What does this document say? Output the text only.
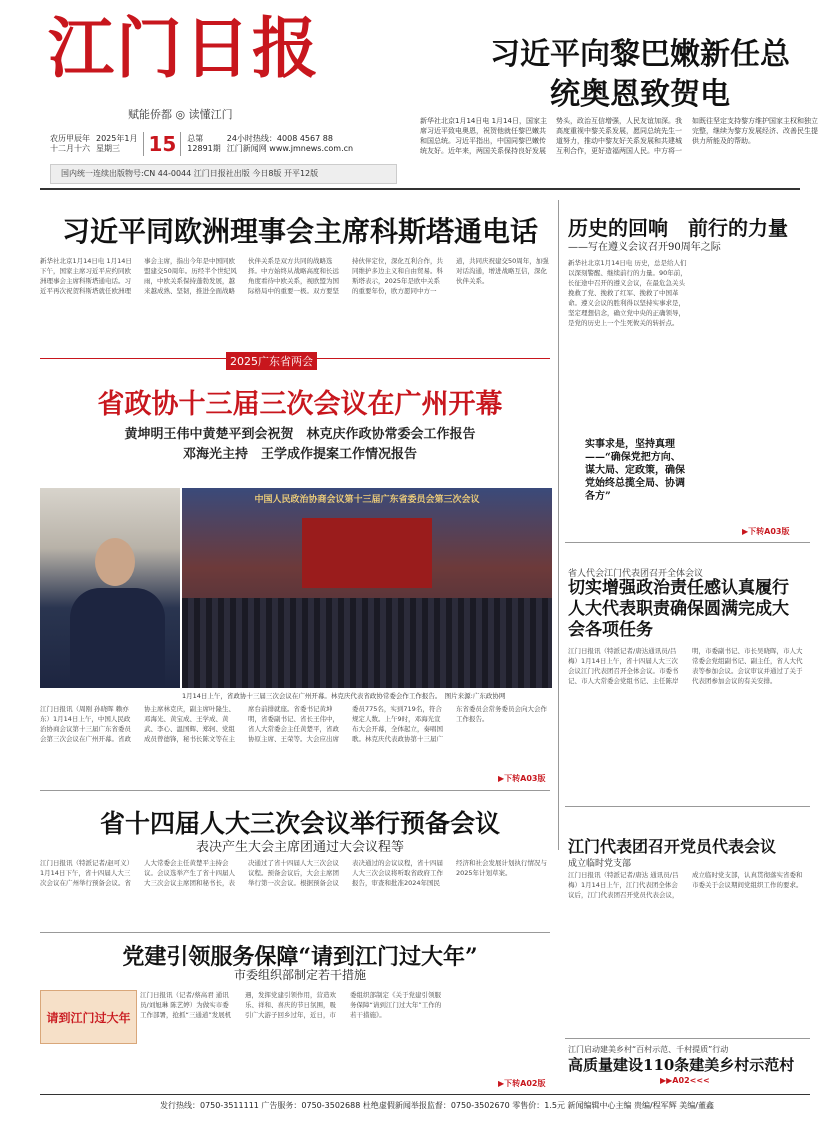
江门日报
赋能侨都 ◎ 读懂江门
习近平向黎巴嫩新任总统奥恩致贺电
新华社北京1月14日电 1月14日，国家主席习近平致电奥恩，祝贺他就任黎巴嫩共和国总统。习近平指出，中国同黎巴嫩传统友好。近年来，两国关系保持良好发展势头，政治互信增强，人民友谊加深。我高度重视中黎关系发展，愿同总统先生一道努力，推动中黎友好关系发展和共建城互利合作，更好造福两国人民。中方将一如既往坚定支持黎方维护国家主权和独立完整，继续为黎方发展经济、改善民生提供力所能及的帮助。
农历甲辰年
十二月十六
2025年1月
星期三	15	总第
12891期
24小时热线：4008 4567 88
江门新闻网 www.jmnews.com.cn
国内统一连续出版物号:CN 44-0044 江门日报社出版 今日8版 开平12版
习近平同欧洲理事会主席科斯塔通电话
新华社北京1月14日电 1月14日下午，国家主席习近平应约同欧洲理事会主席科斯塔通电话。习近平再次祝贺科斯塔就任欧洲理事会主席，指出今年是中国同欧盟建交50周年。历经半个世纪风雨，中欧关系保持蓬勃发展，越来越成熟、坚韧，推进全面战略伙伴关系是双方共同的战略选择。中方始终从战略高度和长远角度看待中欧关系，视欧盟为国际格局中的重要一极。双方要坚持伙伴定位，深化互利合作，共同维护多边主义和自由贸易。科斯塔表示，2025年是欧中关系的重要年份，欧方愿同中方一道，共同庆祝建交50周年，加强对话沟通，增进战略互信，深化伙伴关系。
2025广东省两会
省政协十三届三次会议在广州开幕
黄坤明王伟中黄楚平到会祝贺　林克庆作政协常委会工作报告
邓海光主持　王学成作提案工作情况报告
中国人民政治协商会议第十三届广东省委员会第三次会议
1月14日上午，省政协十三届三次会议在广州开幕。林克庆代表省政协常委会作工作报告。　图片来源:广东政协网
江门日报讯（周刚 孙晓晖 赖亦东）1月14日上午，中国人民政治协商会议第十三届广东省委员会第三次会议在广州开幕。省政协主席林克庆，副主席叶隆生、邓海光、黄宝成、王学成、黄武、李心、温国辉、郑轲、党组成员曾德锋，秘书长陈文等在主席台前排就座。省委书记黄坤明，省委副书记、省长王伟中，省人大常委会主任黄楚平，省政协原主席、王荣等。大会应出席委员775名，实到719名，符合规定人数。上午9时，邓海光宣布大会开幕，全体起立，奏唱国歌。林克庆代表政协第十三届广东省委员会常务委员会向大会作工作报告。
▶下转A03版
省十四届人大三次会议举行预备会议
表决产生大会主席团通过大会议程等
江门日报讯（特派记者/赵可义）1月14日下午，省十四届人大三次会议在广州举行预备会议。省人大常委会主任黄楚平主持会议。会议选举产生了省十四届人大三次会议主席团和秘书长，表决通过了省十四届人大三次会议议程。预备会议后，大会主席团举行第一次会议。根据预备会议表决通过的会议议程，省十四届人大三次会议将听取省政府工作报告，审查和批准2024年国民经济和社会发展计划执行情况与2025年计划草案。
党建引领服务保障“请到江门过大年”
市委组织部制定若干措施
请到江门过大年
江门日报讯（记者/蔡高君 通讯员/刘旭琳 陈艺婷）为做实市委工作部署，抢抓“三通道”发展机遇，发挥党建引领作用，营造欢乐、祥和、喜庆的节日氛围，吸引广大游子回乡过年，近日，市委组织部制定《关于党建引领服务保障“请到江门过大年”工作的若干措施》。
▶下转A02版
历史的回响　前行的力量
——写在遵义会议召开90周年之际
新华社北京1月14日电 历史，总是给人们以深刻警醒、继续前行的力量。90年前，长征途中召开的遵义会议，在最危急关头挽救了党、挽救了红军、挽救了中国革命。遵义会议的胜利得以坚持实事求是，坚定理想信念，确立党中央的正确领导，是党的历史上一个生死攸关的转折点。
实事求是，坚持真理——“确保党把方向、谋大局、定政策，确保党始终总揽全局、协调各方”
▶下转A03版
省人代会江门代表团召开全体会议
切实增强政治责任感认真履行人大代表职责确保圆满完成大会各项任务
江门日报讯（特派记者/唐达通讯员/吕梅）1月14日上午，省十四届人大三次会议江门代表团召开全体会议。市委书记、市人大常委会党组书记、主任陈岸明，市委副书记、市长吴晓晖，市人大常委会党组副书记、副主任，省人大代表等参加会议。会议审议并通过了关于代表团参加会议的有关安排。
江门代表团召开党员代表会议
成立临时党支部
江门日报讯（特派记者/唐达 通讯员/吕梅）1月14日上午，江门代表团全体会议后，江门代表团召开党员代表会议，成立临时党支部，认真贯彻落实省委和市委关于会议期间党组织工作的要求。
江门启动建美乡村“百村示范、千村提质”行动
高质量建设110条建美乡村示范村
▶▶A02<<<
发行热线：0750-3511111 广告服务：0750-3502688 杜绝虚假新闻举报监督：0750-3502670 零售价：1.5元 新闻编辑中心主编 贵编/程军辉 美编/董鑫
